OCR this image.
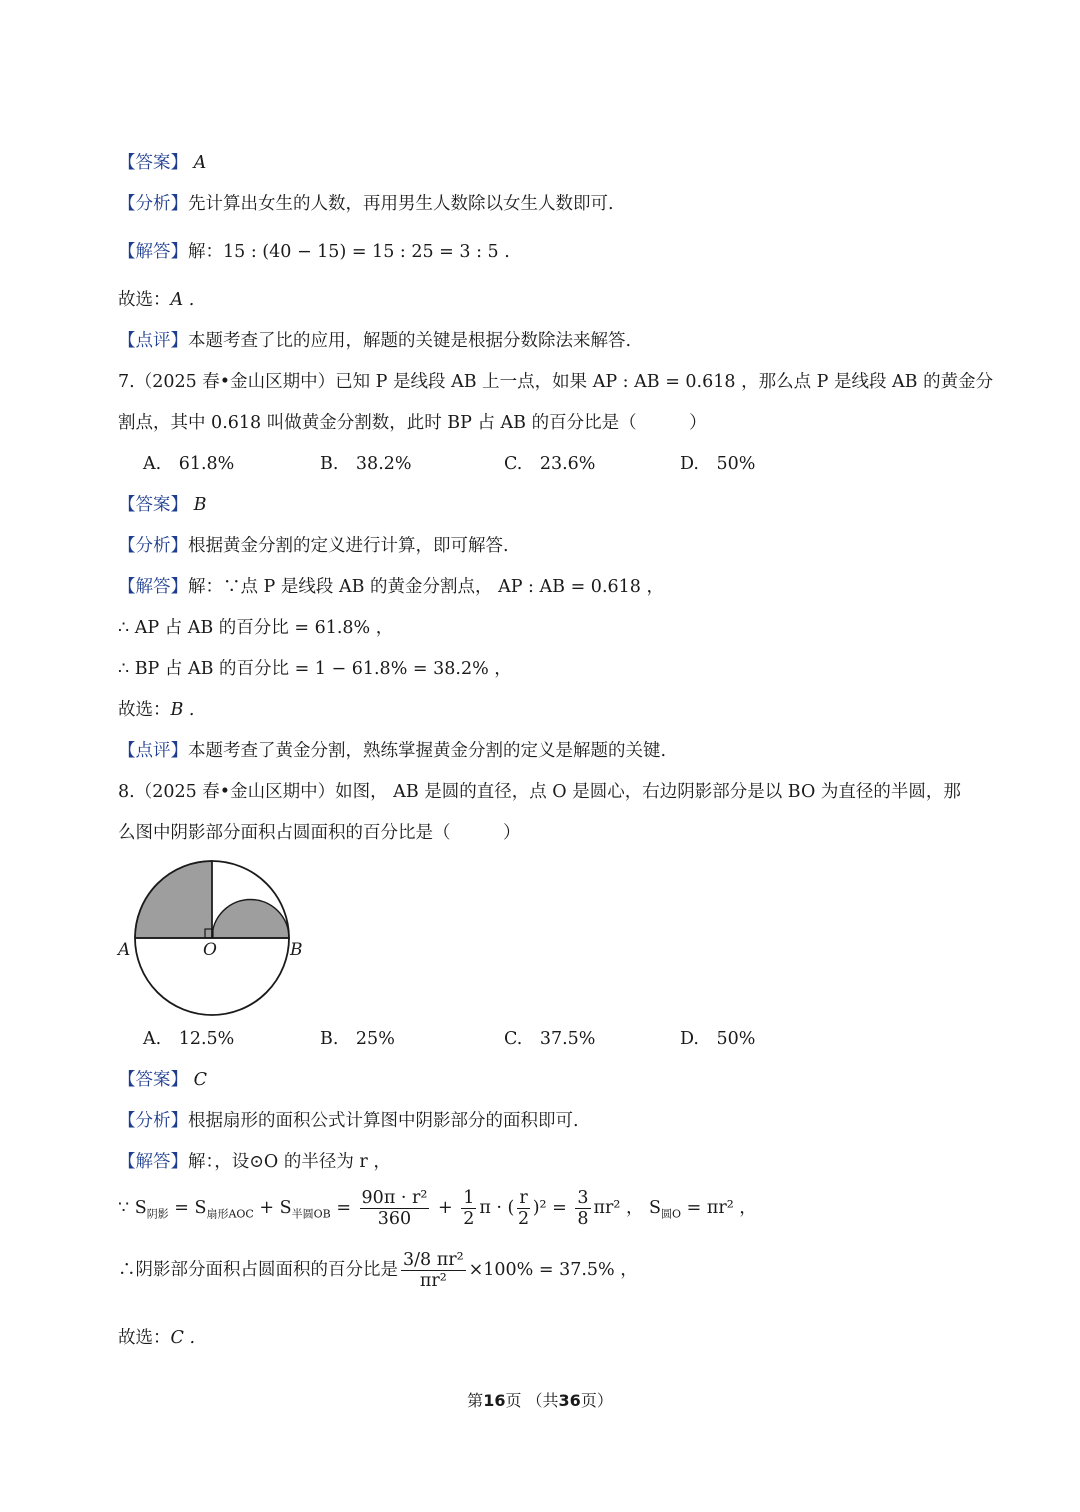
【答案】 A
【分析】先计算出女生的人数，再用男生人数除以女生人数即可.
【解答】解：15 : (40 − 15) = 15 : 25 = 3 : 5 .
故选：A .
【点评】本题考查了比的应用，解题的关键是根据分数除法来解答.
7.（2025 春•金山区期中）已知 P 是线段 AB 上一点，如果 AP : AB = 0.618 ，那么点 P 是线段 AB 的黄金分
割点，其中 0.618 叫做黄金分割数，此时 BP 占 AB 的百分比是（　　　）
A.　61.8%	B.　38.2%	C.　23.6%	D.　50%
【答案】 B
【分析】根据黄金分割的定义进行计算，即可解答.
【解答】解：∵点 P 是线段 AB 的黄金分割点， AP : AB = 0.618 ，
∴ AP 占 AB 的百分比 = 61.8% ，
∴ BP 占 AB 的百分比 = 1 − 61.8% = 38.2% ，
故选：B .
【点评】本题考查了黄金分割，熟练掌握黄金分割的定义是解题的关键.
8.（2025 春•金山区期中）如图， AB 是圆的直径，点 O 是圆心，右边阴影部分是以 BO 为直径的半圆，那
么图中阴影部分面积占圆面积的百分比是（　　　）
A	O	B
A.　12.5%	B.　25%	C.　37.5%	D.　50%
【答案】 C
【分析】根据扇形的面积公式计算图中阴影部分的面积即可.
【解答】解：，设⊙O 的半径为 r ，
∵ $S_{阴影} = S_{扇形AOC} + S_{半圆OB} = \frac{\text{90π · r²}}{360} + \frac{1}{2}$ π · ( $\frac{r}{2} )^2 = \frac{3}{8} \pi r^2$ ， $S_{圆O} = \pi r^2$ ，
∴阴影部分面积占圆面积的百分比是 $\frac{\text{3/8 πr²}}{\text{πr²}} \times 100\% = 37.5\%$ ，
故选：C .
第16页 （共36页）
